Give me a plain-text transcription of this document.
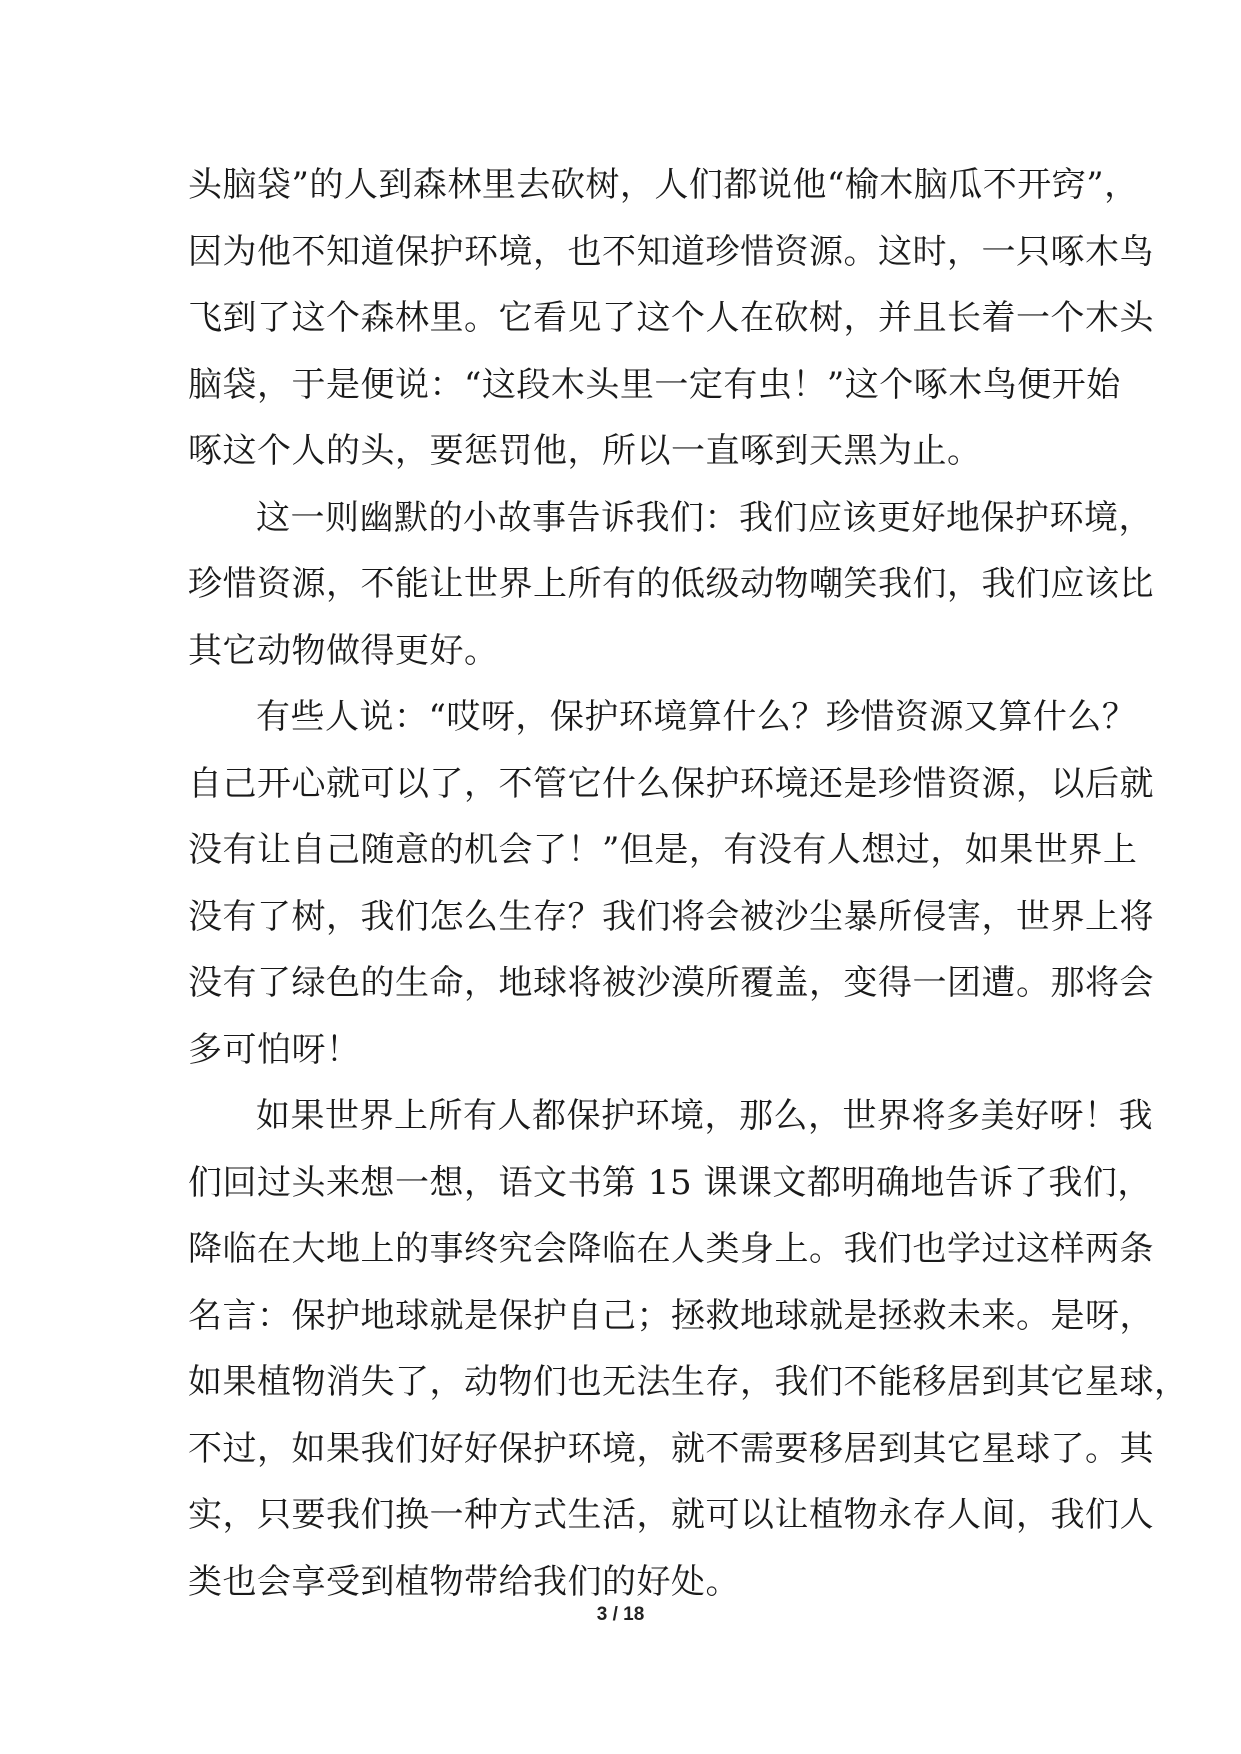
头脑袋”的人到森林里去砍树，人们都说他“榆木脑瓜不开窍”，
因为他不知道保护环境，也不知道珍惜资源。这时，一只啄木鸟
飞到了这个森林里。它看见了这个人在砍树，并且长着一个木头
脑袋，于是便说：“这段木头里一定有虫！”这个啄木鸟便开始
啄这个人的头，要惩罚他，所以一直啄到天黑为止。
这一则幽默的小故事告诉我们：我们应该更好地保护环境，
珍惜资源，不能让世界上所有的低级动物嘲笑我们，我们应该比
其它动物做得更好。
有些人说：“哎呀，保护环境算什么？珍惜资源又算什么？
自己开心就可以了，不管它什么保护环境还是珍惜资源，以后就
没有让自己随意的机会了！”但是，有没有人想过，如果世界上
没有了树，我们怎么生存？我们将会被沙尘暴所侵害，世界上将
没有了绿色的生命，地球将被沙漠所覆盖，变得一团遭。那将会
多可怕呀！
如果世界上所有人都保护环境，那么，世界将多美好呀！我
们回过头来想一想，语文书第 15 课课文都明确地告诉了我们，
降临在大地上的事终究会降临在人类身上。我们也学过这样两条
名言：保护地球就是保护自己；拯救地球就是拯救未来。是呀，
如果植物消失了，动物们也无法生存，我们不能移居到其它星球，
不过，如果我们好好保护环境，就不需要移居到其它星球了。其
实，只要我们换一种方式生活，就可以让植物永存人间，我们人
类也会享受到植物带给我们的好处。
3 / 18
